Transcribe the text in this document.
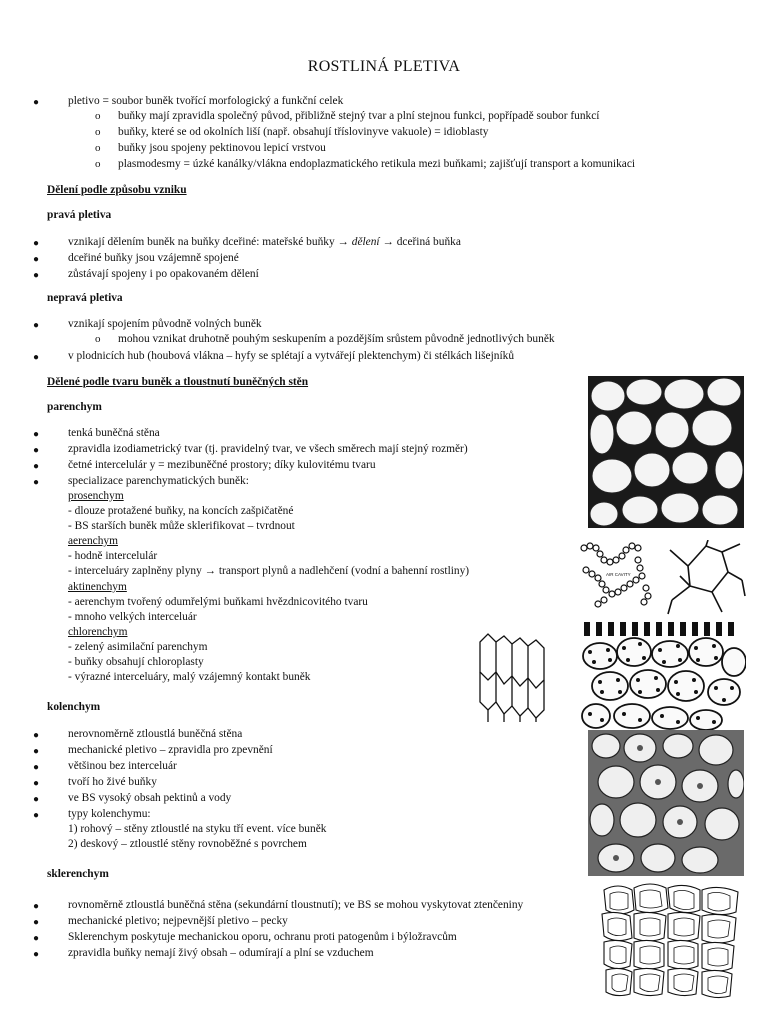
ROSTLINÁ PLETIVA
●	pletivo = soubor buněk tvořící morfologický a funkční celek
o buňky mají zpravidla společný původ, přibližně stejný tvar a plní stejnou funkci, popřípadě soubor funkcí
o buňky, které se od okolních liší (např. obsahují tříslovinyve vakuole) = idioblasty
o buňky jsou spojeny pektinovou lepicí vrstvou
o plasmodesmy = úzké kanálky/vlákna endoplazmatického retikula mezi buňkami; zajišťují transport a komunikaci
Dělení podle způsobu vzniku
pravá pletiva
●	vznikají dělením buněk na buňky dceřiné: mateřské buňky → dělení → dceřiná buňka
●	dceřiné buňky jsou vzájemně spojené
●	zůstávají spojeny i po opakovaném dělení
nepravá pletiva
●	vznikají spojením původně volných buněk
o mohou vznikat druhotně pouhým seskupením a pozdějším srůstem původně jednotlivých buněk
●	v plodnicích hub (houbová vlákna – hyfy se splétají a vytvářejí plektenchym) či stélkách lišejníků
Dělené podle tvaru buněk a tloustnutí buněčných stěn
parenchym
●	tenká buněčná stěna
●	zpravidla izodiametrický tvar (tj. pravidelný tvar, ve všech směrech mají stejný rozměr)
●	četné intercelulár y = mezibuněčné prostory; díky kulovitému tvaru
●	specializace parenchymatických buněk:
prosenchym
- dlouze protažené buňky, na koncích zašpičatěné
- BS starších buněk může sklerifikovat – tvrdnout
aerenchym
- hodně intercelulár
- interceluáry zaplněny plyny → transport plynů a nadlehčení (vodní a bahenní rostliny)
aktinenchym
- aerenchym tvořený odumřelými buňkami hvězdnicovitého tvaru
- mnoho velkých interceluár
chlorenchym
- zelený asimilační parenchym
- buňky obsahují chloroplasty
- výrazné interceluáry, malý vzájemný kontakt buněk
kolenchym
●	nerovnoměrně ztloustlá buněčná stěna
●	mechanické pletivo – zpravidla pro zpevnění
●	většinou bez interceluár
●	tvoří ho živé buňky
●	ve BS vysoký obsah pektinů a vody
●	typy kolenchymu:
1) rohový – stěny ztloustlé na styku tří event. více buněk
2) deskový – ztloustlé stěny rovnoběžné s povrchem
sklerenchym
●	rovnoměrně ztloustlá buněčná stěna (sekundární tloustnutí); ve BS se mohou vyskytovat ztenčeniny
●	mechanické pletivo; nejpevnější pletivo – pecky
●	Sklerenchym poskytuje mechanickou oporu, ochranu proti patogenům i býložravcům
●	zpravidla buňky nemají živý obsah – odumírají a plní se vzduchem
AIR CAVITY
